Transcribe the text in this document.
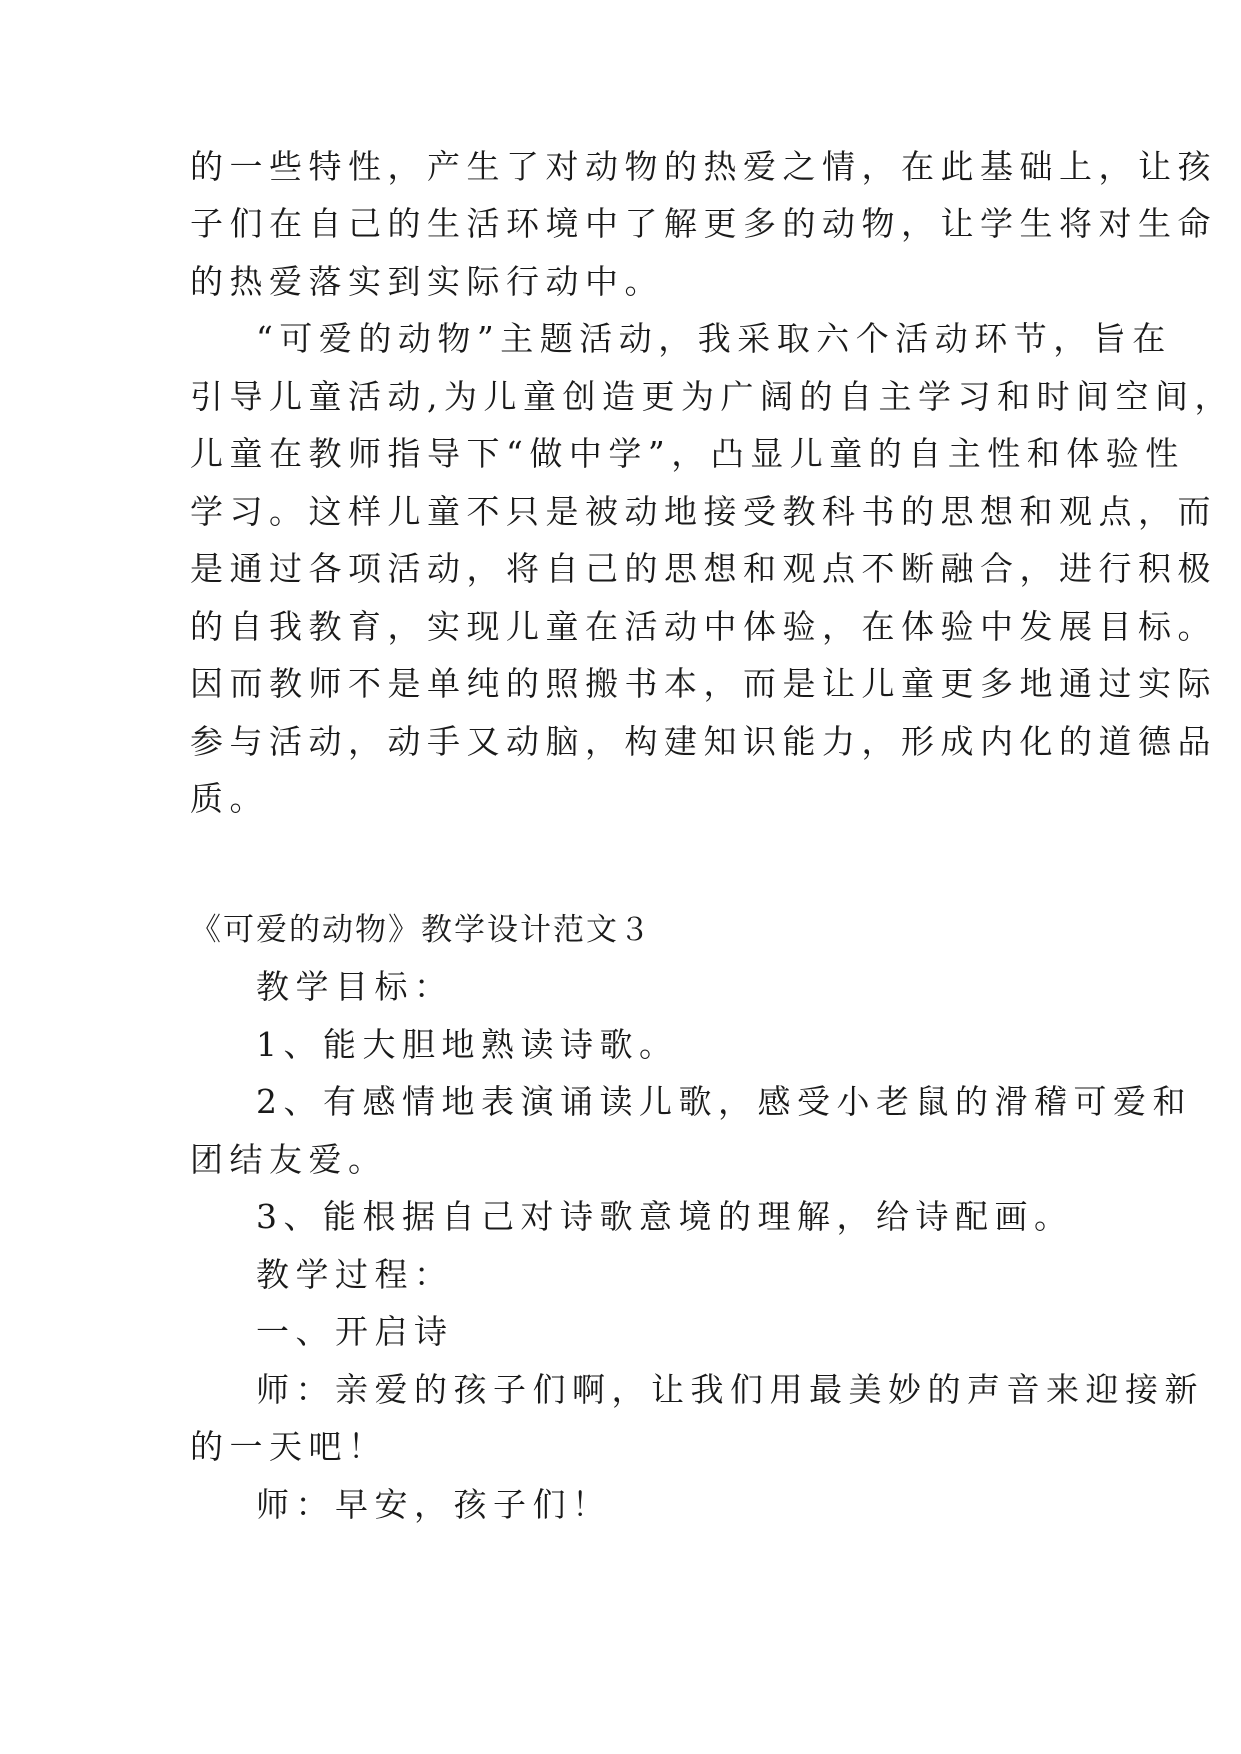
的一些特性，产生了对动物的热爱之情，在此基础上，让孩
子们在自己的生活环境中了解更多的动物，让学生将对生命
的热爱落实到实际行动中。
“可爱的动物”主题活动，我采取六个活动环节，旨在
引导儿童活动,为儿童创造更为广阔的自主学习和时间空间，
儿童在教师指导下“做中学”，凸显儿童的自主性和体验性
学习。这样儿童不只是被动地接受教科书的思想和观点，而
是通过各项活动，将自己的思想和观点不断融合，进行积极
的自我教育，实现儿童在活动中体验，在体验中发展目标。
因而教师不是单纯的照搬书本，而是让儿童更多地通过实际
参与活动，动手又动脑，构建知识能力，形成内化的道德品
质。
《可爱的动物》教学设计范文３
教学目标：
1、能大胆地熟读诗歌。
2、有感情地表演诵读儿歌，感受小老鼠的滑稽可爱和
团结友爱。
3、能根据自己对诗歌意境的理解，给诗配画。
教学过程：
一、开启诗
师：亲爱的孩子们啊，让我们用最美妙的声音来迎接新
的一天吧！
师：早安，孩子们！
